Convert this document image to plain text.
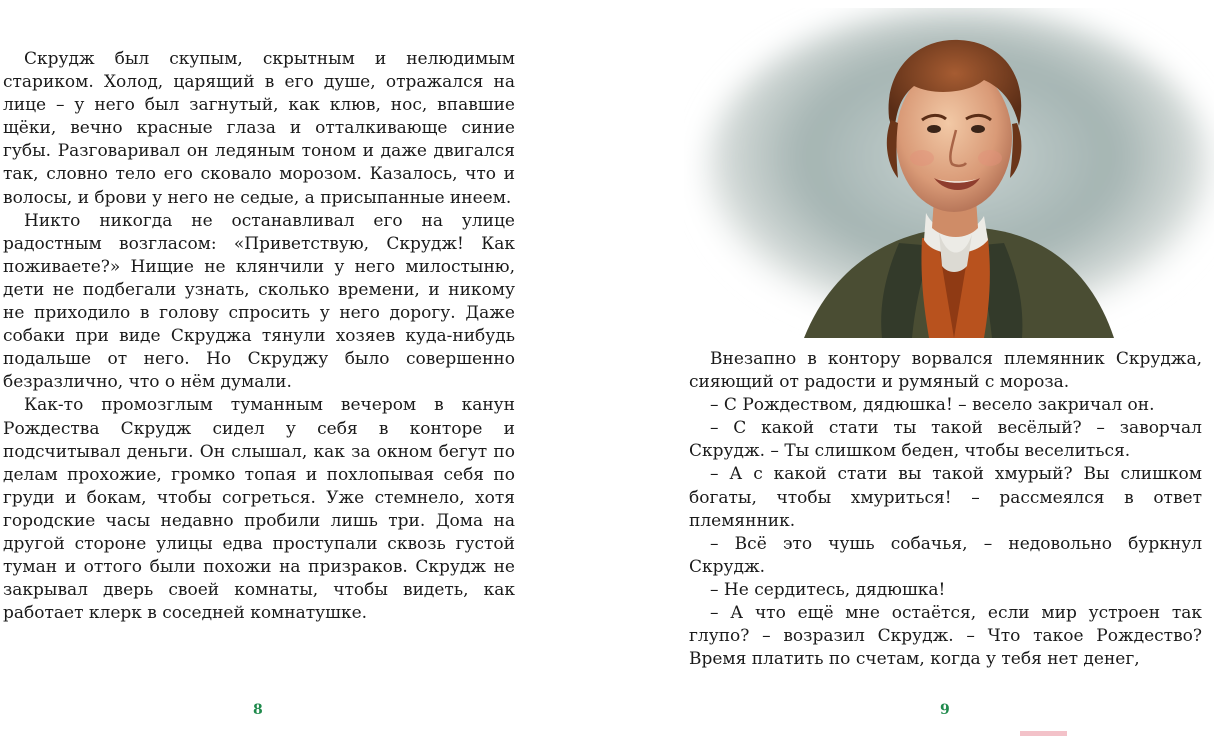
Скрудж был скупым, скрытным и нелюдимым стариком. Холод, царящий в его душе, отражался на лице – у него был загнутый, как клюв, нос, впавшие щёки, вечно красные глаза и отталкивающе синие губы. Разговаривал он ледяным тоном и даже двигался так, словно тело его сковало морозом. Казалось, что и волосы, и брови у него не седые, а присыпанные инеем.

Никто никогда не останавливал его на улице радостным возгласом: «Приветствую, Скрудж! Как поживаете?» Нищие не клянчили у него милостыню, дети не подбегали узнать, сколько времени, и никому не приходило в голову спросить у него дорогу. Даже собаки при виде Скруджа тянули хозяев куда-нибудь подальше от него. Но Скруджу было совершенно безразлично, что о нём думали.

Как-то промозглым туманным вечером в канун Рождества Скрудж сидел у себя в конторе и подсчитывал деньги. Он слышал, как за окном бегут по делам прохожие, громко топая и похлопывая себя по груди и бокам, чтобы согреться. Уже стемнело, хотя городские часы недавно пробили лишь три. Дома на другой стороне улицы едва проступали сквозь густой туман и оттого были похожи на призраков. Скрудж не закрывал дверь своей комнаты, чтобы видеть, как работает клерк в соседней комнатушке.

8

Внезапно в контору ворвался племянник Скруджа, сияющий от радости и румяный с мороза.

– С Рождеством, дядюшка! – весело закричал он.

– С какой стати ты такой весёлый? – заворчал Скрудж. – Ты слишком беден, чтобы веселиться.

– А с какой стати вы такой хмурый? Вы слишком богаты, чтобы хмуриться! – рассмеялся в ответ племянник.

– Всё это чушь собачья, – недовольно буркнул Скрудж.

– Не сердитесь, дядюшка!

– А что ещё мне остаётся, если мир устроен так глупо? – возразил Скрудж. – Что такое Рождество? Время платить по счетам, когда у тебя нет денег,

9
